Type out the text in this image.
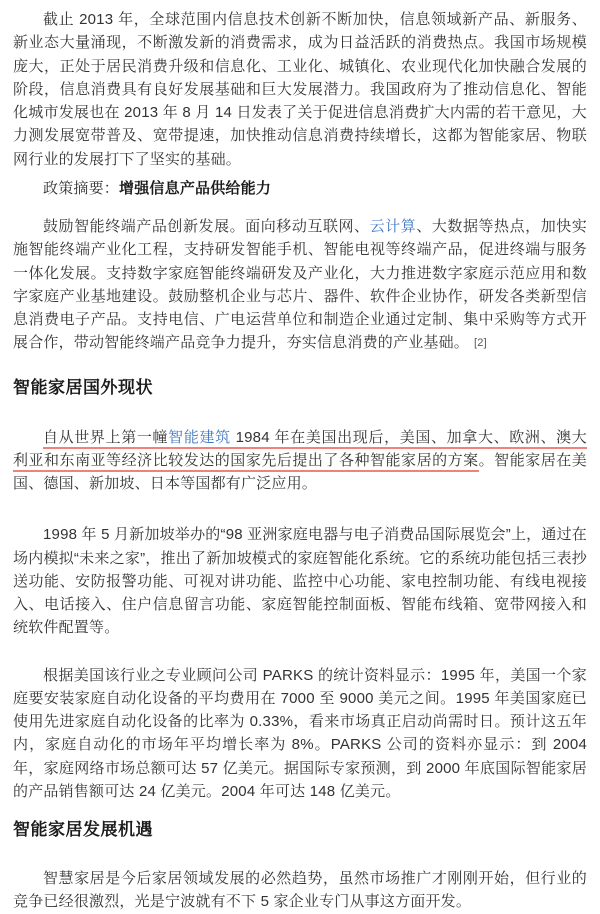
截止 2013 年，全球范围内信息技术创新不断加快，信息领域新产品、新服务、新业态大量涌现，不断激发新的消费需求，成为日益活跃的消费热点。我国市场规模庞大，正处于居民消费升级和信息化、工业化、城镇化、农业现代化加快融合发展的阶段，信息消费具有良好发展基础和巨大发展潜力。我国政府为了推动信息化、智能化城市发展也在 2013 年 8 月 14 日发表了关于促进信息消费扩大内需的若干意见，大力测发展宽带普及、宽带提速，加快推动信息消费持续增长，这都为智能家居、物联网行业的发展打下了坚实的基础。

政策摘要：增强信息产品供给能力

鼓励智能终端产品创新发展。面向移动互联网、云计算、大数据等热点，加快实施智能终端产业化工程，支持研发智能手机、智能电视等终端产品，促进终端与服务一体化发展。支持数字家庭智能终端研发及产业化，大力推进数字家庭示范应用和数字家庭产业基地建设。鼓励整机企业与芯片、器件、软件企业协作，研发各类新型信息消费电子产品。支持电信、广电运营单位和制造企业通过定制、集中采购等方式开展合作，带动智能终端产品竞争力提升，夯实信息消费的产业基础。 [2]

智能家居国外现状

自从世界上第一幢智能建筑 1984 年在美国出现后，美国、加拿大、欧洲、澳大利亚和东南亚等经济比较发达的国家先后提出了各种智能家居的方案。智能家居在美国、德国、新加坡、日本等国都有广泛应用。

1998 年 5 月新加坡举办的“98 亚洲家庭电器与电子消费品国际展览会”上，通过在场内模拟“未来之家”，推出了新加坡模式的家庭智能化系统。它的系统功能包括三表抄送功能、安防报警功能、可视对讲功能、监控中心功能、家电控制功能、有线电视接入、电话接入、住户信息留言功能、家庭智能控制面板、智能布线箱、宽带网接入和统软件配置等。

根据美国该行业之专业顾问公司 PARKS 的统计资料显示：1995 年，美国一个家庭要安装家庭自动化设备的平均费用在 7000 至 9000 美元之间。1995 年美国家庭已使用先进家庭自动化设备的比率为 0.33%，看来市场真正启动尚需时日。预计这五年内，家庭自动化的市场年平均增长率为 8%。PARKS 公司的资料亦显示：到 2004 年，家庭网络市场总额可达 57 亿美元。据国际专家预测，到 2000 年底国际智能家居的产品销售额可达 24 亿美元。2004 年可达 148 亿美元。

智能家居发展机遇

智慧家居是今后家居领域发展的必然趋势，虽然市场推广才刚刚开始，但行业的竞争已经很激烈，光是宁波就有不下 5 家企业专门从事这方面开发。
